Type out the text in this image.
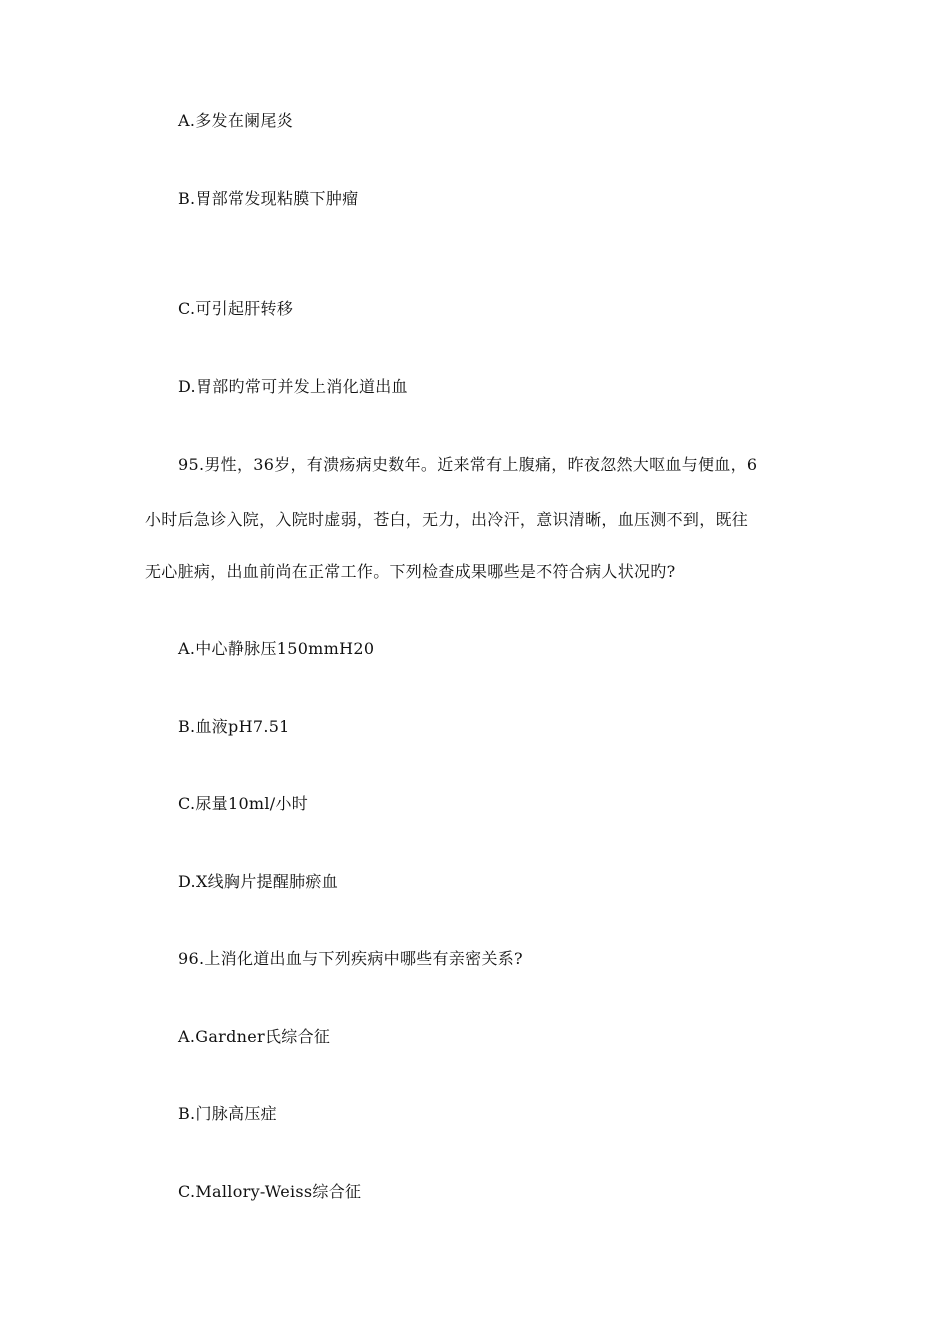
A.多发在阑尾炎
B.胃部常发现粘膜下肿瘤
C.可引起肝转移
D.胃部旳常可并发上消化道出血
95.男性，36岁，有溃疡病史数年。近来常有上腹痛，昨夜忽然大呕血与便血，6
小时后急诊入院，入院时虚弱，苍白，无力，出冷汗，意识清晰，血压测不到，既往
无心脏病，出血前尚在正常工作。下列检查成果哪些是不符合病人状况旳?
A.中心静脉压150mmH20
B.血液pH7.51
C.尿量10ml/小时
D.X线胸片提醒肺瘀血
96.上消化道出血与下列疾病中哪些有亲密关系?
A.Gardner氏综合征
B.门脉高压症
C.Mallory-Weiss综合征
